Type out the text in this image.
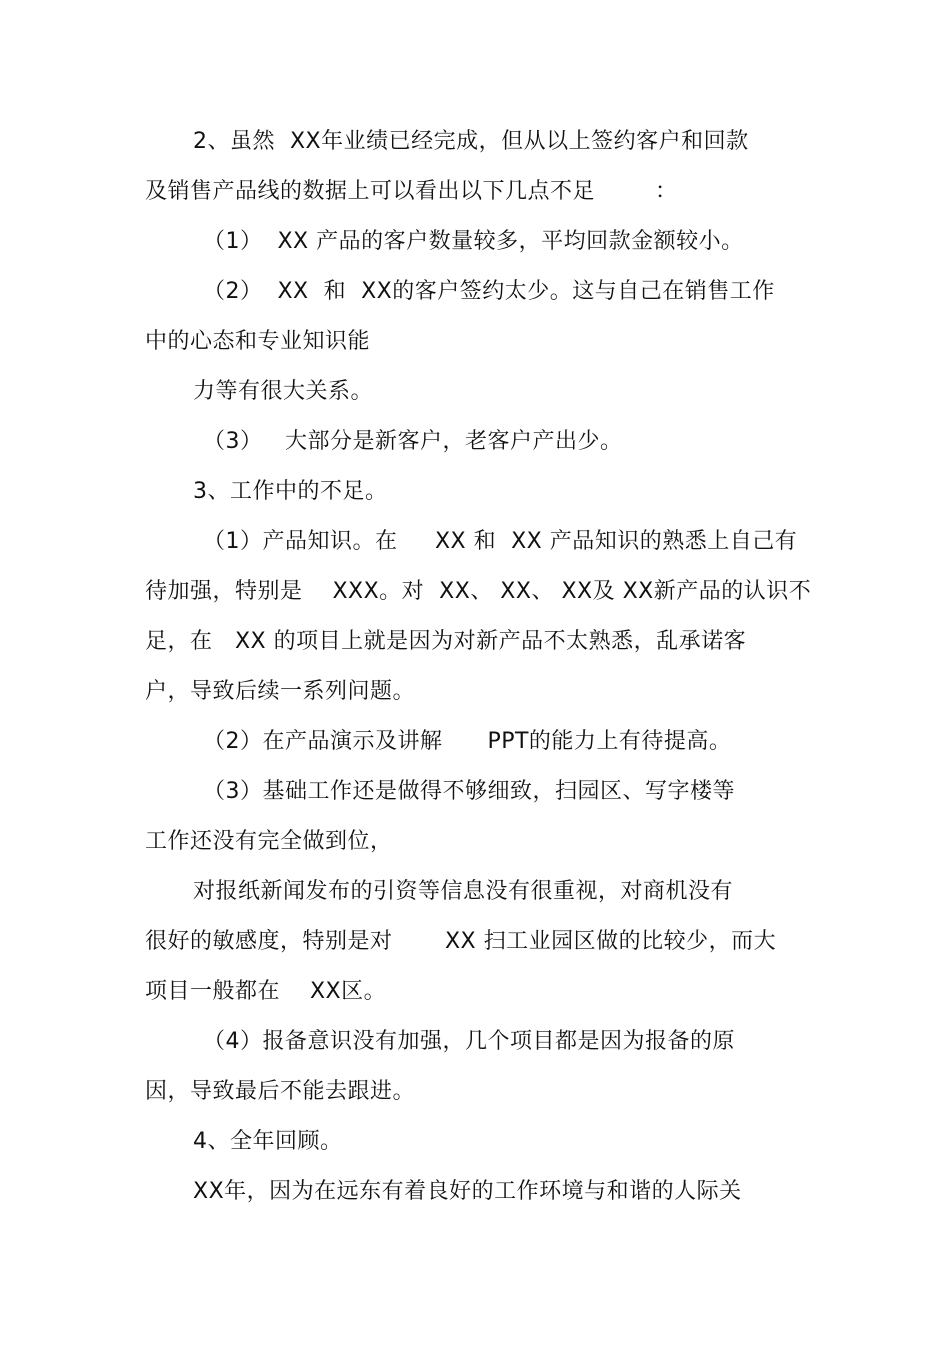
2、虽然  XX年业绩已经完成，但从以上签约客户和回款
及销售产品线的数据上可以看出以下几点不足        ：
（1）  XX 产品的客户数量较多，平均回款金额较小。
（2）  XX  和  XX的客户签约太少。这与自己在销售工作
中的心态和专业知识能
力等有很大关系。
（3）   大部分是新客户，老客户产出少。
3、工作中的不足。
（1）产品知识。在     XX 和  XX 产品知识的熟悉上自己有
待加强，特别是    XXX。对  XX、 XX、 XX及 XX新产品的认识不
足，在   XX 的项目上就是因为对新产品不太熟悉，乱承诺客
户，导致后续一系列问题。
（2）在产品演示及讲解      PPT的能力上有待提高。
（3）基础工作还是做得不够细致，扫园区、写字楼等
工作还没有完全做到位，
对报纸新闻发布的引资等信息没有很重视，对商机没有
很好的敏感度，特别是对       XX 扫工业园区做的比较少，而大
项目一般都在    XX区。
（4）报备意识没有加强，几个项目都是因为报备的原
因，导致最后不能去跟进。
4、全年回顾。
XX年，因为在远东有着良好的工作环境与和谐的人际关
